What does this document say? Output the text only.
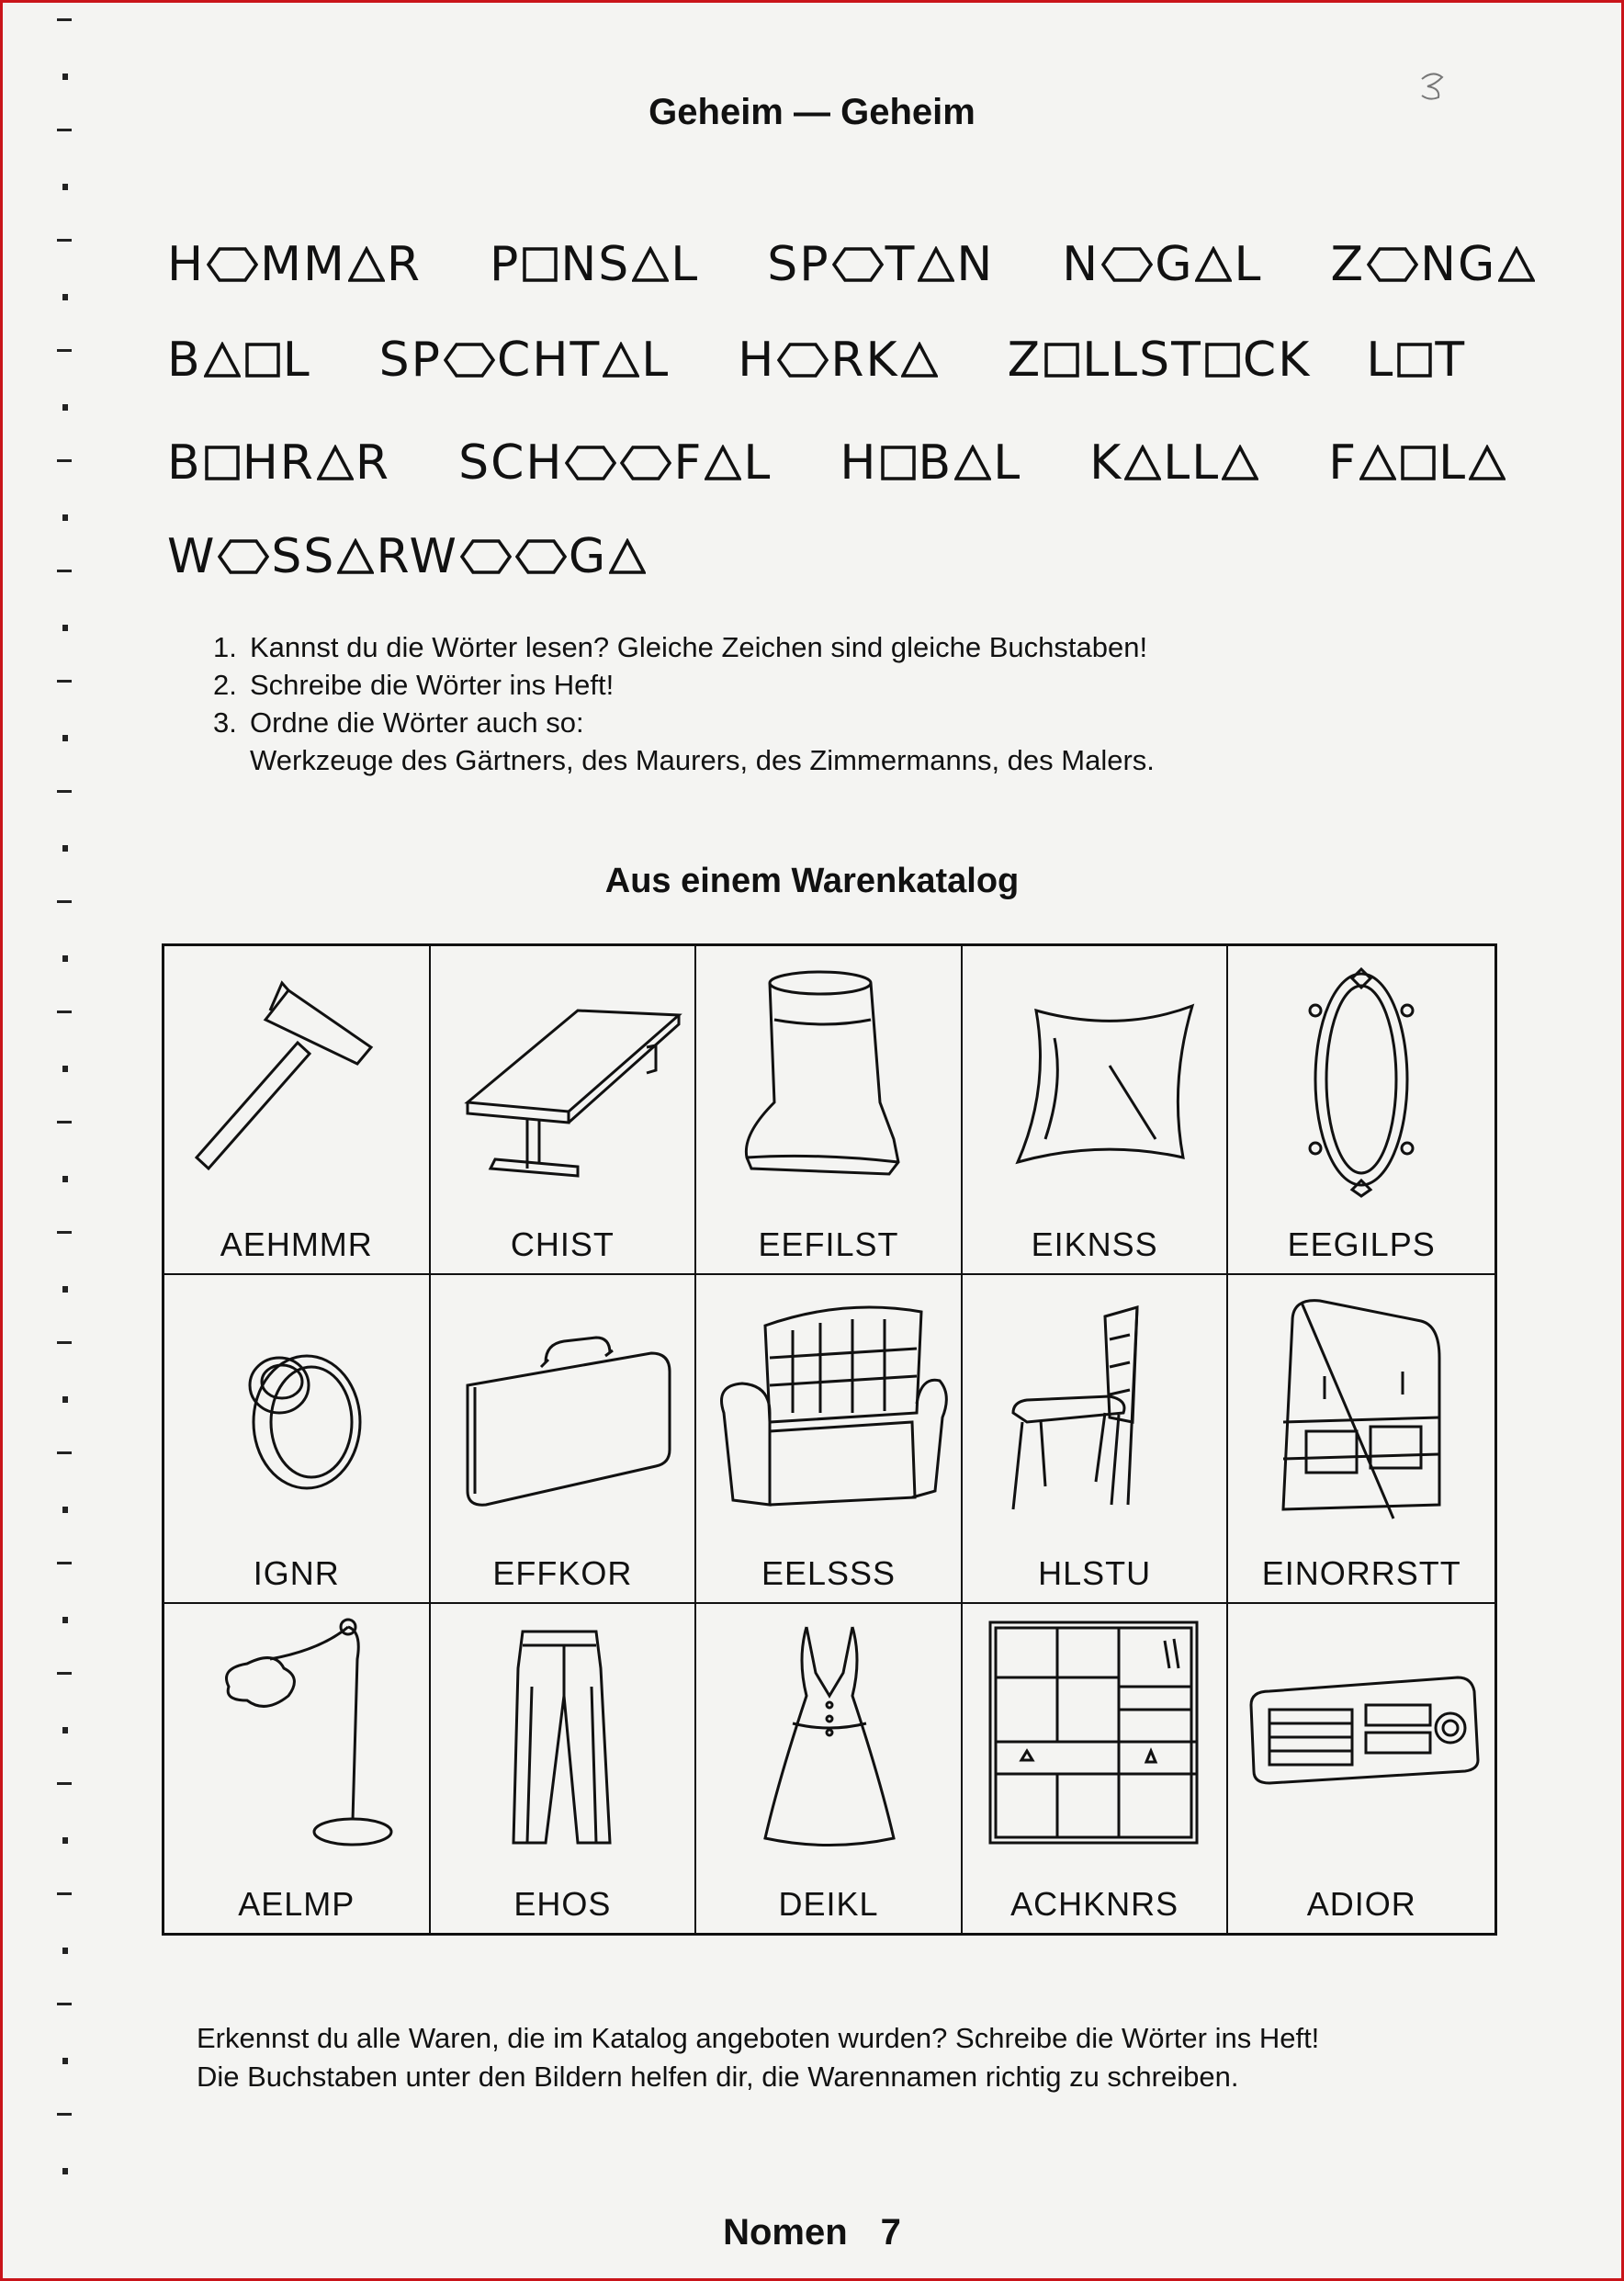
Geheim — Geheim
H MM R P NS L SP T N N G L Z NG
B L SP CHT L H RK	Z LLST CK L T
B HR R SCH F L H B L K LL	F L
W SS RW G
1. Kannst du die Wörter lesen? Gleiche Zeichen sind gleiche Buchstaben!
2. Schreibe die Wörter ins Heft!
3. Ordne die Wörter auch so:
Werkzeuge des Gärtners, des Maurers, des Zimmermanns, des Malers.
Aus einem Warenkatalog
AEHMMR	CHIST	EEFILST	EIKNSS	EEGILPS
IGNR	EFFKOR	EELSSS	HLSTU	EINORRSTT
AELMP	EHOS	DEIKL	ACHKNRS	ADIOR
Erkennst du alle Waren, die im Katalog angeboten wurden? Schreibe die Wörter ins Heft!
Die Buchstaben unter den Bildern helfen dir, die Warennamen richtig zu schreiben.
Nomen 7
